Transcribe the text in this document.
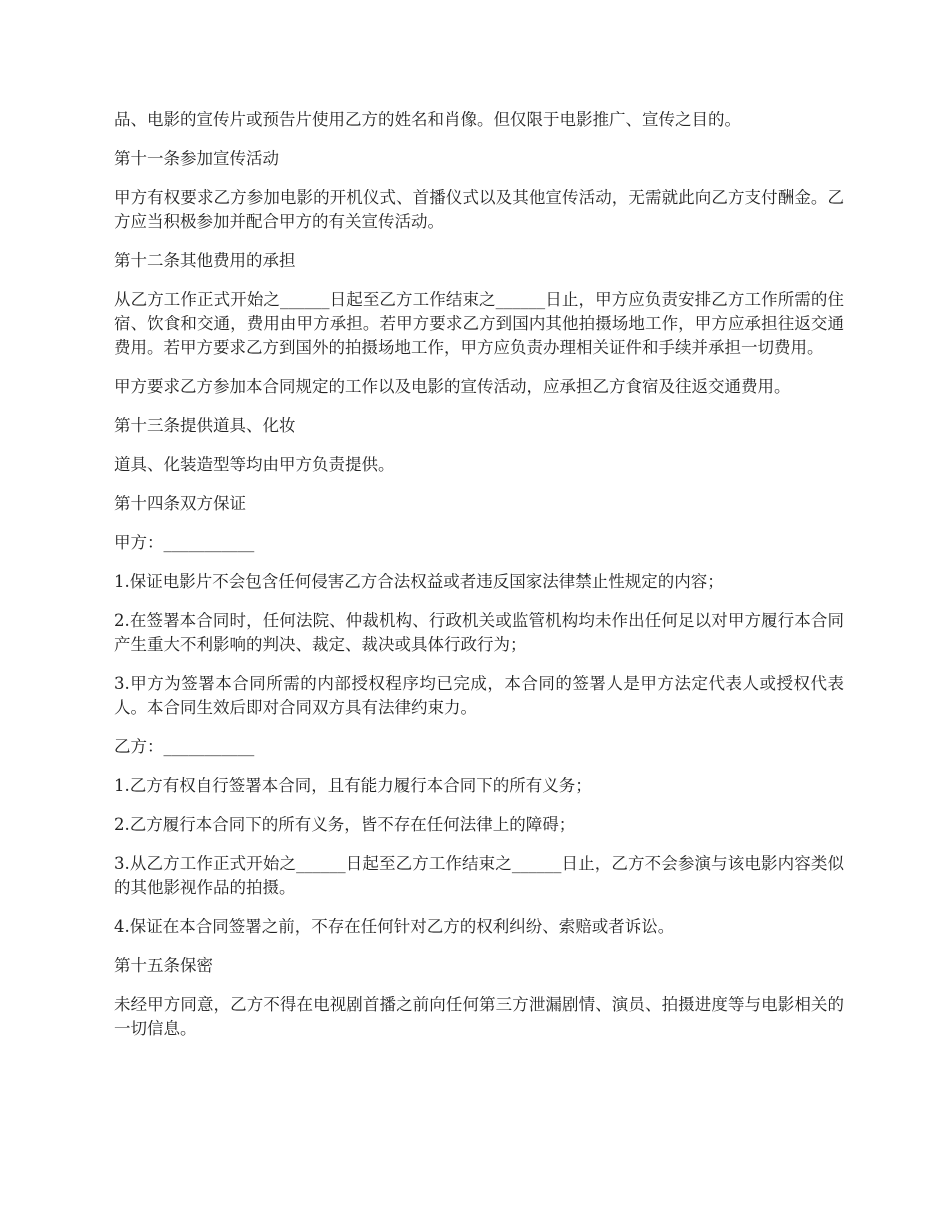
品、电影的宣传片或预告片使用乙方的姓名和肖像。但仅限于电影推广、宣传之目的。

第十一条参加宣传活动

甲方有权要求乙方参加电影的开机仪式、首播仪式以及其他宣传活动，无需就此向乙方支付酬金。乙方应当积极参加并配合甲方的有关宣传活动。

第十二条其他费用的承担

从乙方工作正式开始之______日起至乙方工作结束之______日止，甲方应负责安排乙方工作所需的住宿、饮食和交通，费用由甲方承担。若甲方要求乙方到国内其他拍摄场地工作，甲方应承担往返交通费用。若甲方要求乙方到国外的拍摄场地工作，甲方应负责办理相关证件和手续并承担一切费用。

甲方要求乙方参加本合同规定的工作以及电影的宣传活动，应承担乙方食宿及往返交通费用。

第十三条提供道具、化妆

道具、化装造型等均由甲方负责提供。

第十四条双方保证

甲方：___________

1.保证电影片不会包含任何侵害乙方合法权益或者违反国家法律禁止性规定的内容；

2.在签署本合同时，任何法院、仲裁机构、行政机关或监管机构均未作出任何足以对甲方履行本合同产生重大不利影响的判决、裁定、裁决或具体行政行为；

3.甲方为签署本合同所需的内部授权程序均已完成，本合同的签署人是甲方法定代表人或授权代表人。本合同生效后即对合同双方具有法律约束力。

乙方：___________

1.乙方有权自行签署本合同，且有能力履行本合同下的所有义务；

2.乙方履行本合同下的所有义务，皆不存在任何法律上的障碍；

3.从乙方工作正式开始之______日起至乙方工作结束之______日止，乙方不会参演与该电影内容类似的其他影视作品的拍摄。

4.保证在本合同签署之前，不存在任何针对乙方的权利纠纷、索赔或者诉讼。

第十五条保密

未经甲方同意，乙方不得在电视剧首播之前向任何第三方泄漏剧情、演员、拍摄进度等与电影相关的一切信息。
